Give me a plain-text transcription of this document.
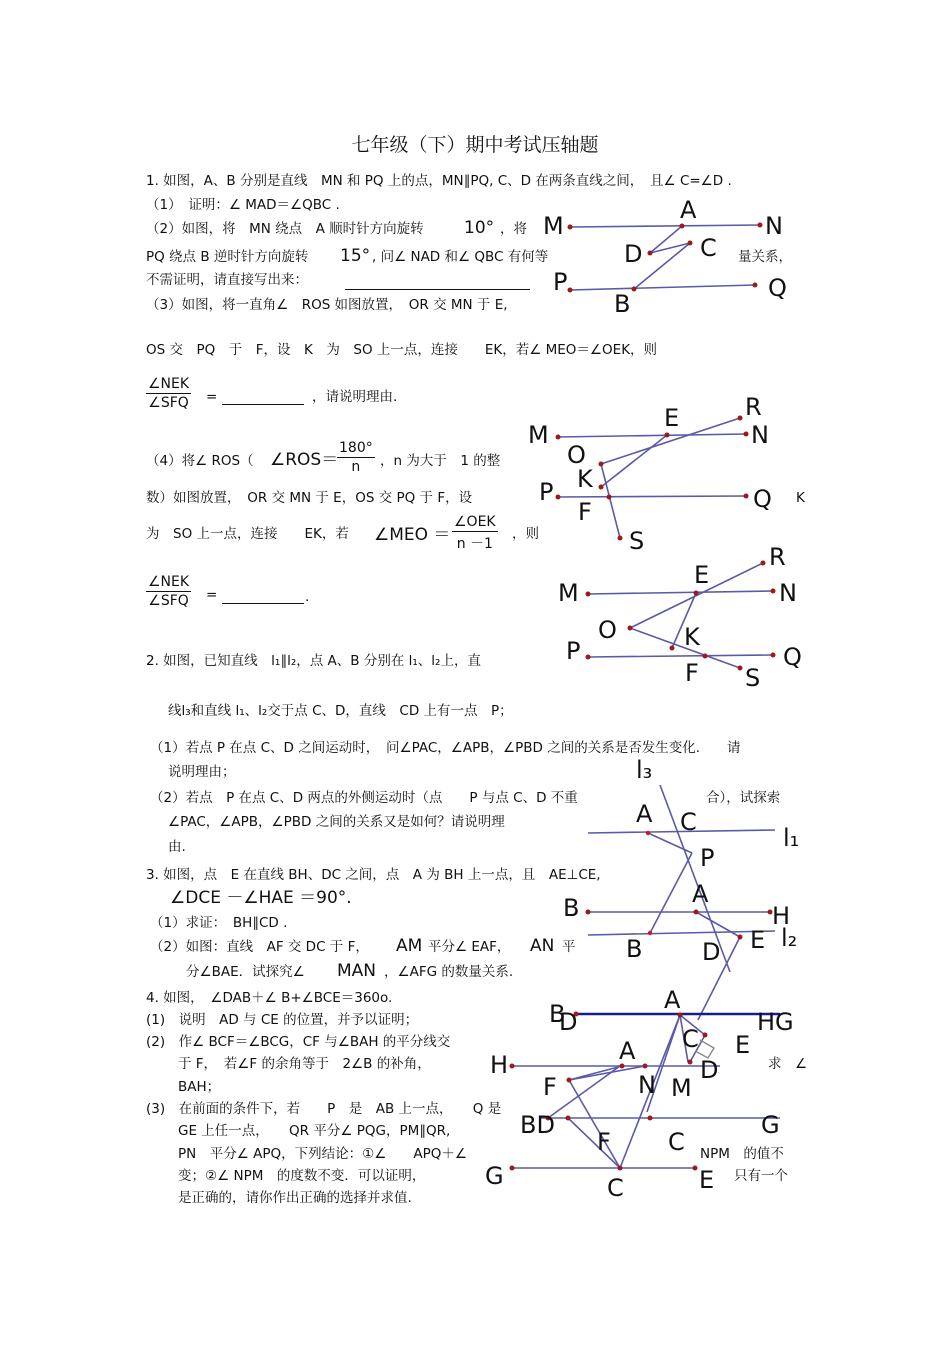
七年级（下）期中考试压轴题
1. 如图，A、B 分别是直线　MN 和 PQ 上的点，MN∥PQ, C、D 在两条直线之间，　且∠ C=∠D .
（1）　证明：∠ MAD＝∠QBC .
（2）如图，将　MN 绕点　A 顺时针方向旋转 10° ，将
PQ 绕点 B 逆时针方向旋转 15° , 问∠ NAD 和∠ QBC 有何等	量关系，
不需证明，请直接写出来：
（3）如图，将一直角∠　ROS 如图放置，　OR 交 MN 于 E,
OS 交　PQ　于　F，设　K　为　SO 上一点，连接　　EK，若∠ MEO＝∠OEK，则
∠NEK
∠SFQ =	，请说明理由.
（4）将∠ ROS（ ∠ROS＝
$\frac{180^\circ}{n}$ ，n 为大于　1 的整
数）如图放置，　OR 交 MN 于 E，OS 交 PQ 于 F，设	K
为　SO 上一点，连接　　EK，若 ∠MEO ＝
∠OEK
n －1
，则
∠NEK
∠SFQ =	.
2. 如图，已知直线　l₁∥l₂，点 A、B 分别在 l₁、l₂上，直
线l₃和直线 l₁、l₂交于点 C、D，直线　CD 上有一点　P；
（1）若点 P 在点 C、D 之间运动时，　问∠PAC，∠APB，∠PBD 之间的关系是否发生变化.　　请
说明理由；
（2）若点　P 在点 C、D 两点的外侧运动时（点　　P 与点 C、D 不重	合），试探索
∠PAC，∠APB，∠PBD 之间的关系又是如何？请说明理
由.
3. 如图，点　E 在直线 BH、DC 之间，点　A 为 BH 上一点，且　AE⊥CE,
∠DCE －∠HAE ＝90°.
（1）求证：　BH∥CD .
（2）如图：直线　AF 交 DC 于 F， AM 平分∠ EAF， AN 平
分∠BAE．试探究∠ MAN ，∠AFG 的数量关系.
4. 如图，　∠DAB＋∠ B+∠BCE＝360o.
(1)　说明　AD 与 CE 的位置，并予以证明；
(2)　作∠ BCF＝∠BCG，CF 与∠BAH 的平分线交
于 F，　若∠F 的余角等于　2∠B 的补角，	求　∠
BAH；
(3)　在前面的条件下，若　　P　是　AB 上一点，　　Q 是
GE 上任一点，　　QR 平分∠ PQG，PM∥QR,
PN　平分∠ APQ，下列结论：①∠　　APQ＋∠	NPM　的值不
变；②∠ NPM　的度数不变．可以证明，	只有一个
是正确的，请你作出正确的选择并求值.
M
A
N
D C
P
B
Q
M
E	R
N
O
K
P
F	Q
S
E
R
M	N
O	K
P	Q
F S
l₃
A C
l₁
P
B D	l₂
B	A
H
E
B
D
A
HG
C E
H	A
N M
D
F
BD	G
F C
G	C	E
